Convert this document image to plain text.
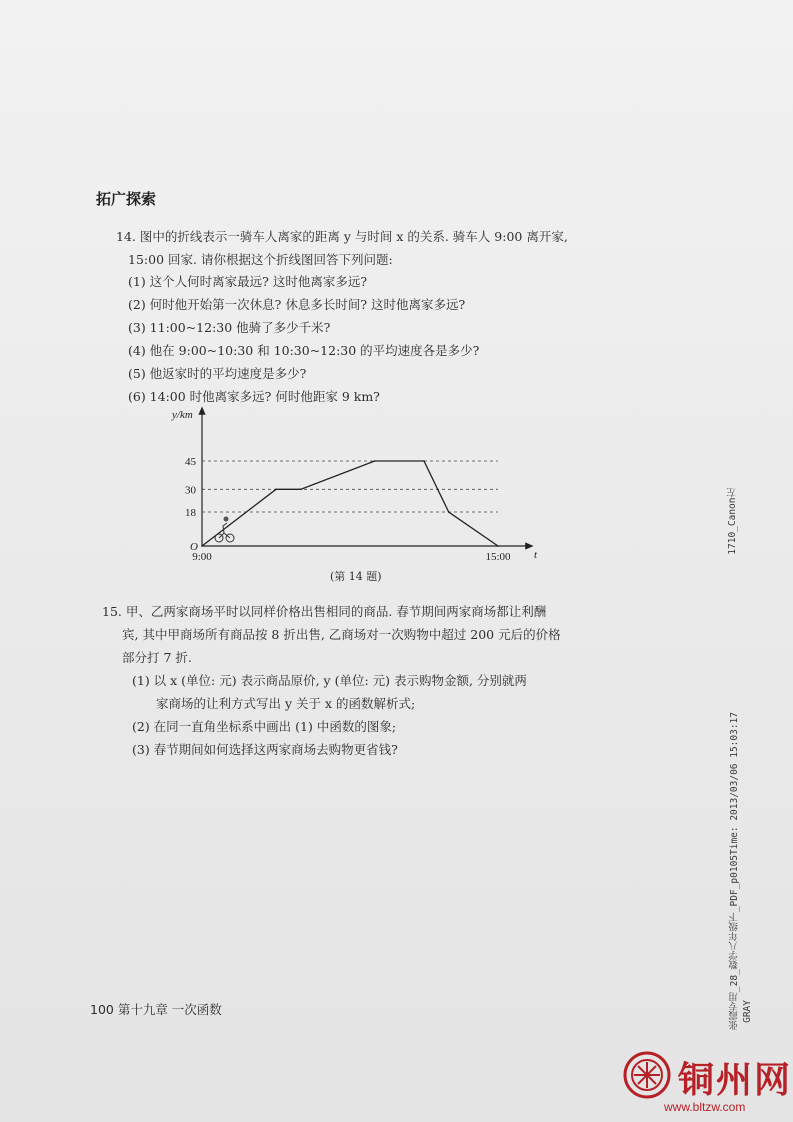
拓广探索
14. 图中的折线表示一骑车人离家的距离 y 与时间 x 的关系. 骑车人 9:00 离开家,
15:00 回家. 请你根据这个折线图回答下列问题:
(1) 这个人何时离家最远? 这时他离家多远?
(2) 何时他开始第一次休息? 休息多长时间? 这时他离家多远?
(3) 11:00~12:30 他骑了多少千米?
(4) 他在 9:00~10:30 和 10:30~12:30 的平均速度各是多少?
(5) 他返家时的平均速度是多少?
(6) 14:00 时他离家多远? 何时他距家 9 km?
18
30
45
9:00	15:00
y/km
t
O
(第 14 题)
15. 甲、乙两家商场平时以同样价格出售相同的商品. 春节期间两家商场都让利酬
宾, 其中甲商场所有商品按 8 折出售, 乙商场对一次购物中超过 200 元后的价格
部分打 7 折.
(1) 以 x (单位: 元) 表示商品原价, y (单位: 元) 表示购物金额, 分别就两
家商场的让利方式写出 y 关于 x 的函数解析式;
(2) 在同一直角坐标系中画出 (1) 中函数的图象;
(3) 春节期间如何选择这两家商场去购物更省钱?
100 第十九章 一次函数
1710_Canon左
张霞专用_28_数学八年级下_PDF_p0105Time: 2013/03/06 15:03:17 GRAY
铜州网
www.bltzw.com
